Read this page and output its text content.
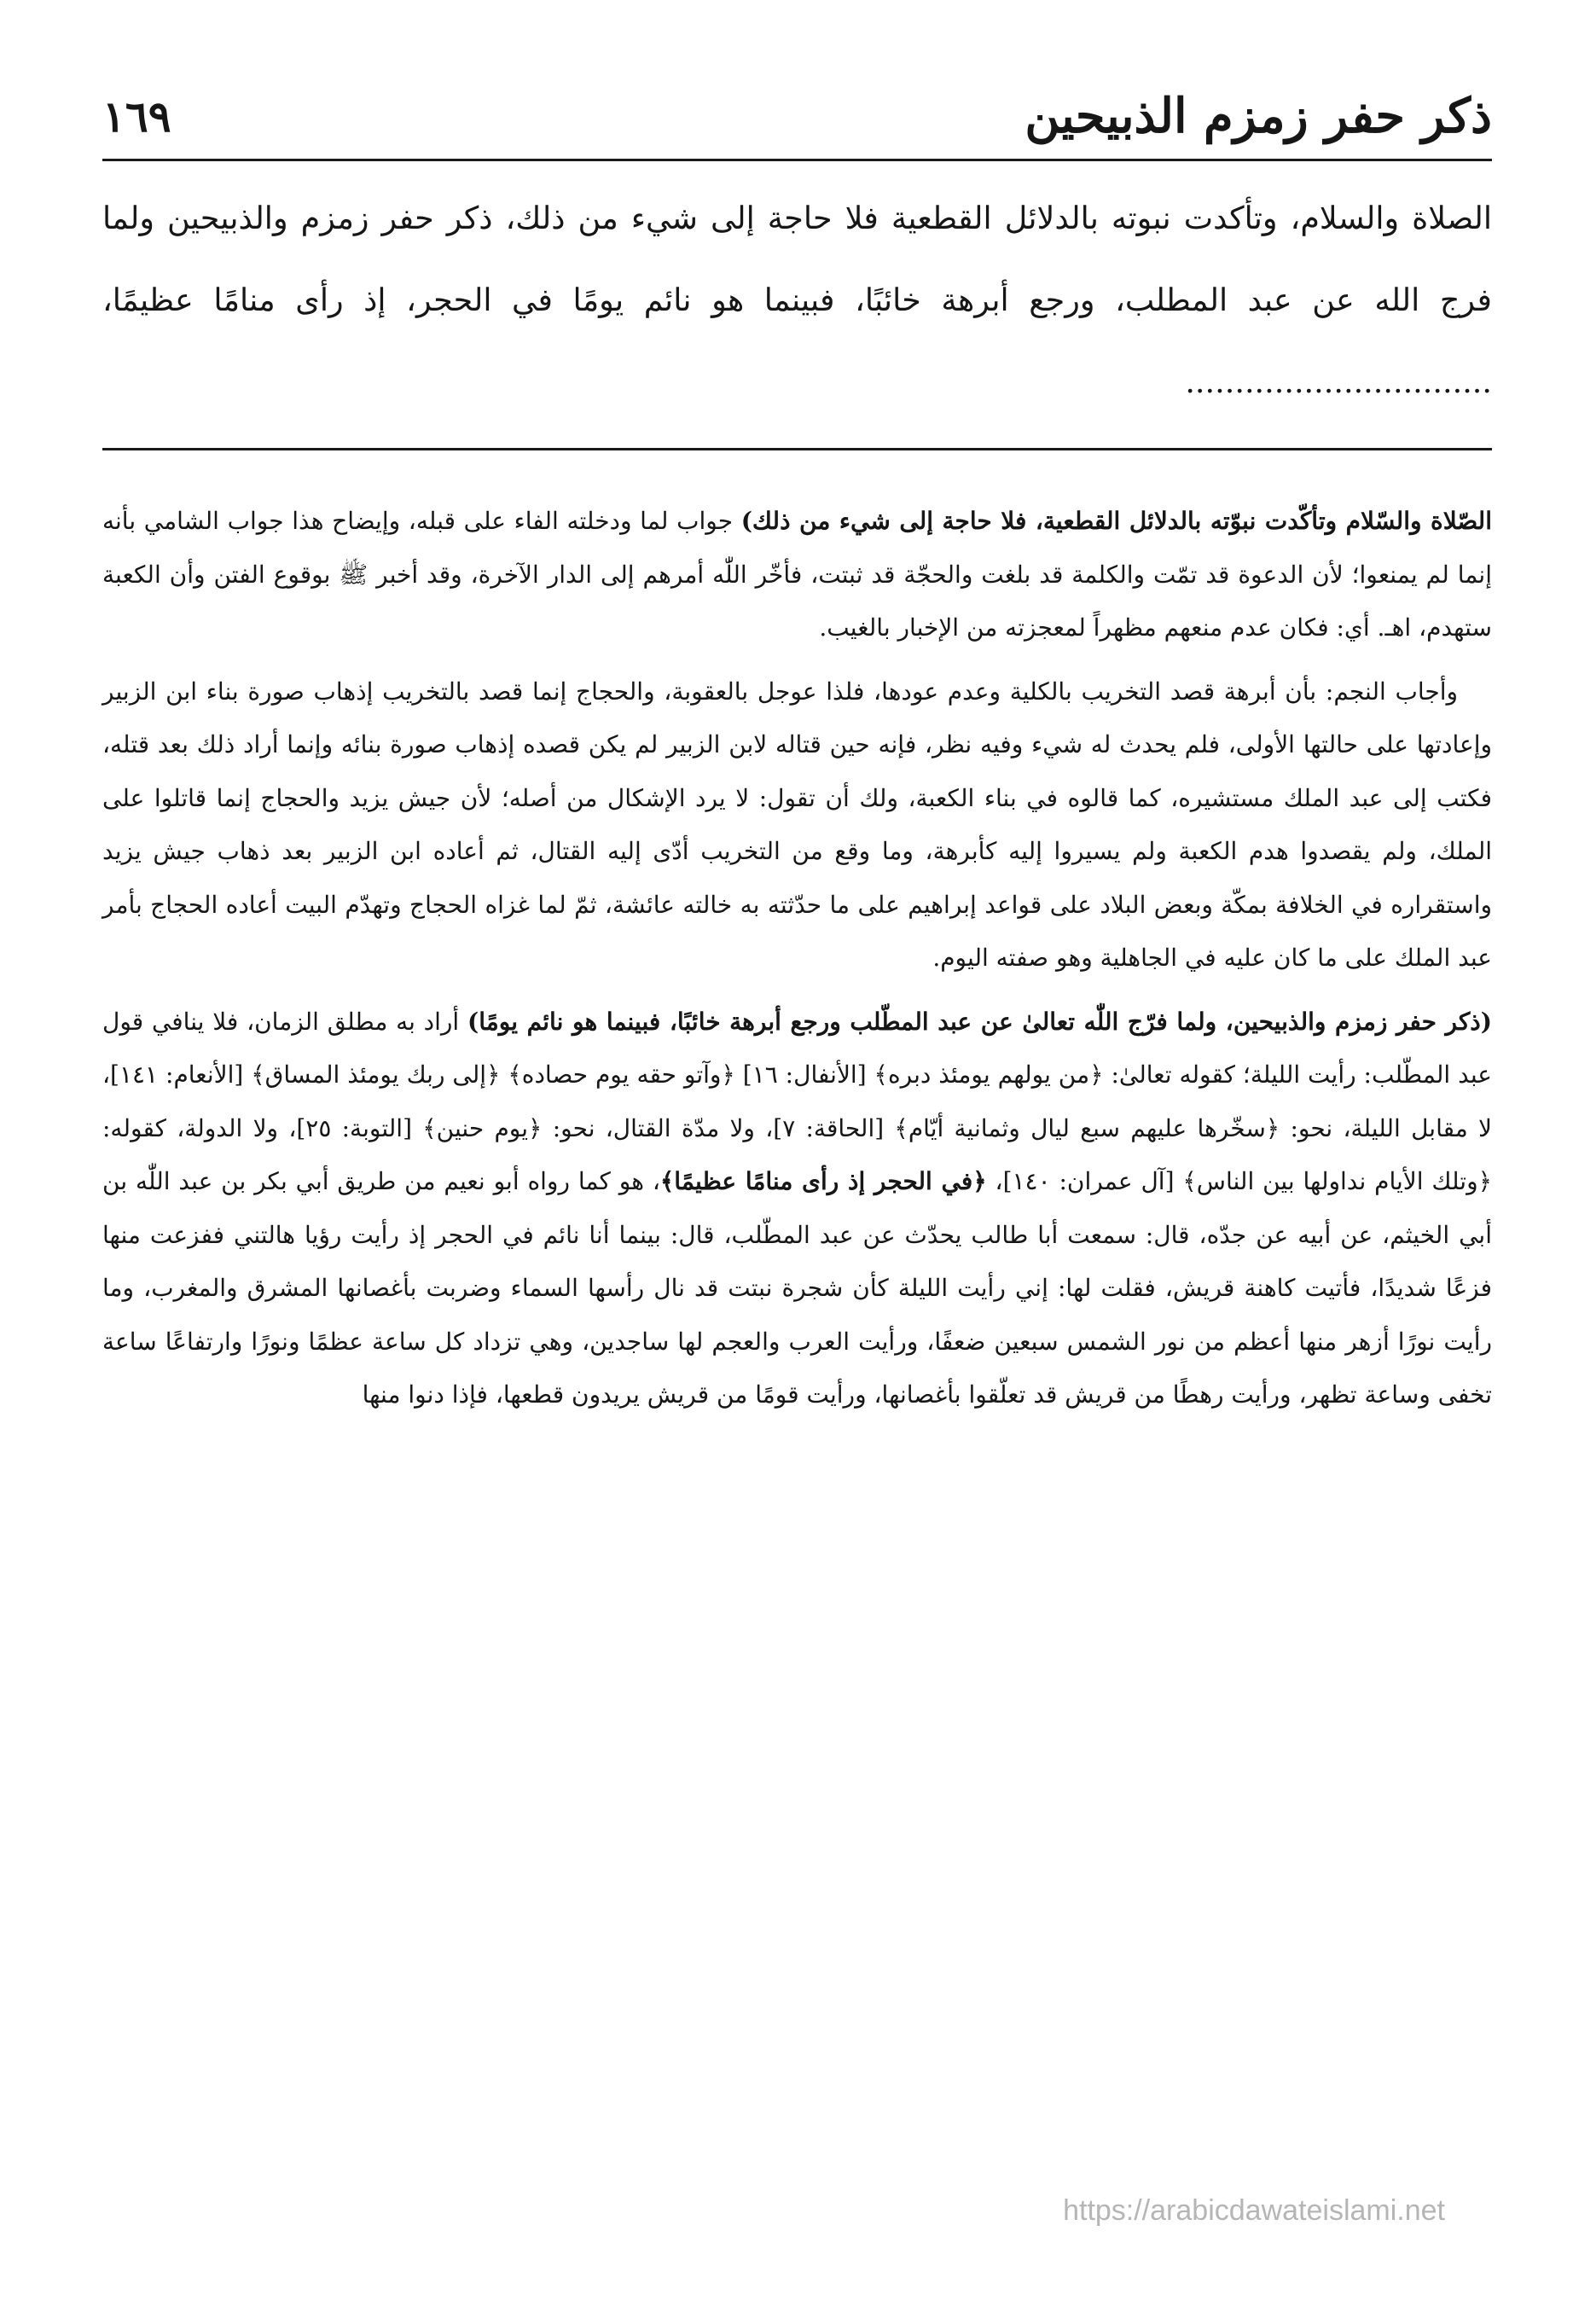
ذكر حفر زمزم الذبيحين
١٦٩
الصلاة والسلام، وتأكدت نبوته بالدلائل القطعية فلا حاجة إلى شيء من ذلك، ذكر حفر زمزم والذبيحين ولما فرج الله عن عبد المطلب، ورجع أبرهة خائبًا، فبينما هو نائم يومًا في الحجر، إذ رأى منامًا عظيمًا، ...............................

الصّلاة والسّلام وتأكّدت نبوّته بالدلائل القطعية، فلا حاجة إلى شيء من ذلك) جواب لما ودخلته الفاء على قبله، وإيضاح هذا جواب الشامي بأنه إنما لم يمنعوا؛ لأن الدعوة قد تمّت والكلمة قد بلغت والحجّة قد ثبتت، فأخّر اللّٰه أمرهم إلى الدار الآخرة، وقد أخبر ﷺ بوقوع الفتن وأن الكعبة ستهدم، اهـ. أي: فكان عدم منعهم مظهراً لمعجزته من الإخبار بالغيب.

وأجاب النجم: بأن أبرهة قصد التخريب بالكلية وعدم عودها، فلذا عوجل بالعقوبة، والحجاج إنما قصد بالتخريب إذهاب صورة بناء ابن الزبير وإعادتها على حالتها الأولى، فلم يحدث له شيء وفيه نظر، فإنه حين قتاله لابن الزبير لم يكن قصده إذهاب صورة بنائه وإنما أراد ذلك بعد قتله، فكتب إلى عبد الملك مستشيره، كما قالوه في بناء الكعبة، ولك أن تقول: لا يرد الإشكال من أصله؛ لأن جيش يزيد والحجاج إنما قاتلوا على الملك، ولم يقصدوا هدم الكعبة ولم يسيروا إليه كأبرهة، وما وقع من التخريب أدّى إليه القتال، ثم أعاده ابن الزبير بعد ذهاب جيش يزيد واستقراره في الخلافة بمكّة وبعض البلاد على قواعد إبراهيم على ما حدّثته به خالته عائشة، ثمّ لما غزاه الحجاج وتهدّم البيت أعاده الحجاج بأمر عبد الملك على ما كان عليه في الجاهلية وهو صفته اليوم.

(ذكر حفر زمزم والذبيحين، ولما فرّج اللّٰه تعالىٰ عن عبد المطّلب ورجع أبرهة خائبًا، فبينما هو نائم يومًا) أراد به مطلق الزمان، فلا ينافي قول عبد المطّلب: رأيت الليلة؛ كقوله تعالىٰ: ﴿من يولهم يومئذ دبره﴾ [الأنفال: ١٦] ﴿وآتو حقه يوم حصاده﴾ ﴿إلى ربك يومئذ المساق﴾ [الأنعام: ١٤١]، لا مقابل الليلة، نحو: ﴿سخّرها عليهم سبع ليال وثمانية أيّام﴾ [الحاقة: ٧]، ولا مدّة القتال، نحو: ﴿يوم حنين﴾ [التوبة: ٢٥]، ولا الدولة، كقوله: ﴿وتلك الأيام نداولها بين الناس﴾ [آل عمران: ١٤٠]، ﴿في الحجر إذ رأى منامًا عظيمًا﴾، هو كما رواه أبو نعيم من طريق أبي بكر بن عبد اللّٰه بن أبي الخيثم، عن أبيه عن جدّه، قال: سمعت أبا طالب يحدّث عن عبد المطّلب، قال: بينما أنا نائم في الحجر إذ رأيت رؤيا هالتني ففزعت منها فزعًا شديدًا، فأتيت كاهنة قريش، فقلت لها: إني رأيت الليلة كأن شجرة نبتت قد نال رأسها السماء وضربت بأغصانها المشرق والمغرب، وما رأيت نورًا أزهر منها أعظم من نور الشمس سبعين ضعفًا، ورأيت العرب والعجم لها ساجدين، وهي تزداد كل ساعة عظمًا ونورًا وارتفاعًا ساعة تخفى وساعة تظهر، ورأيت رهطًا من قريش قد تعلّقوا بأغصانها، ورأيت قومًا من قريش يريدون قطعها، فإذا دنوا منها

https://arabicdawateislami.net
